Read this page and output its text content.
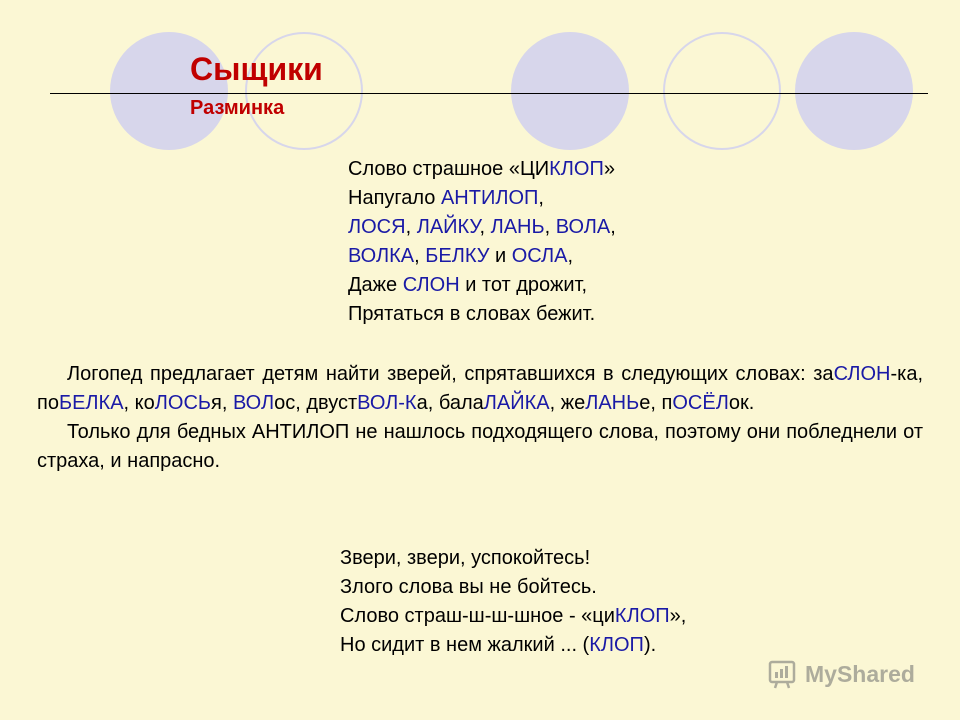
Сыщики
Разминка
Слово страшное «ЦИКЛОП»
Напугало АНТИЛОП,
ЛОСЯ, ЛАЙКУ, ЛАНЬ, ВОЛА,
ВОЛКА, БЕЛКУ и ОСЛА,
Даже СЛОН и тот дрожит,
Прятаться в словах бежит.

Логопед предлагает детям найти зверей, спрятавшихся в следующих словах: заСЛОН-ка, поБЕЛКА, коЛОСЬя, ВОЛос, двустВОЛ-Ка, балаЛАЙКА, жеЛАНЬе, пОСЁЛок.

Только для бедных АНТИЛОП не нашлось подходящего слова, поэтому они побледнели от страха, и напрасно.

Звери, звери, успокойтесь!
Злого слова вы не бойтесь.
Слово страш-ш-ш-шное - «циКЛОП»,
Но сидит в нем жалкий ... (КЛОП).
MyShared
